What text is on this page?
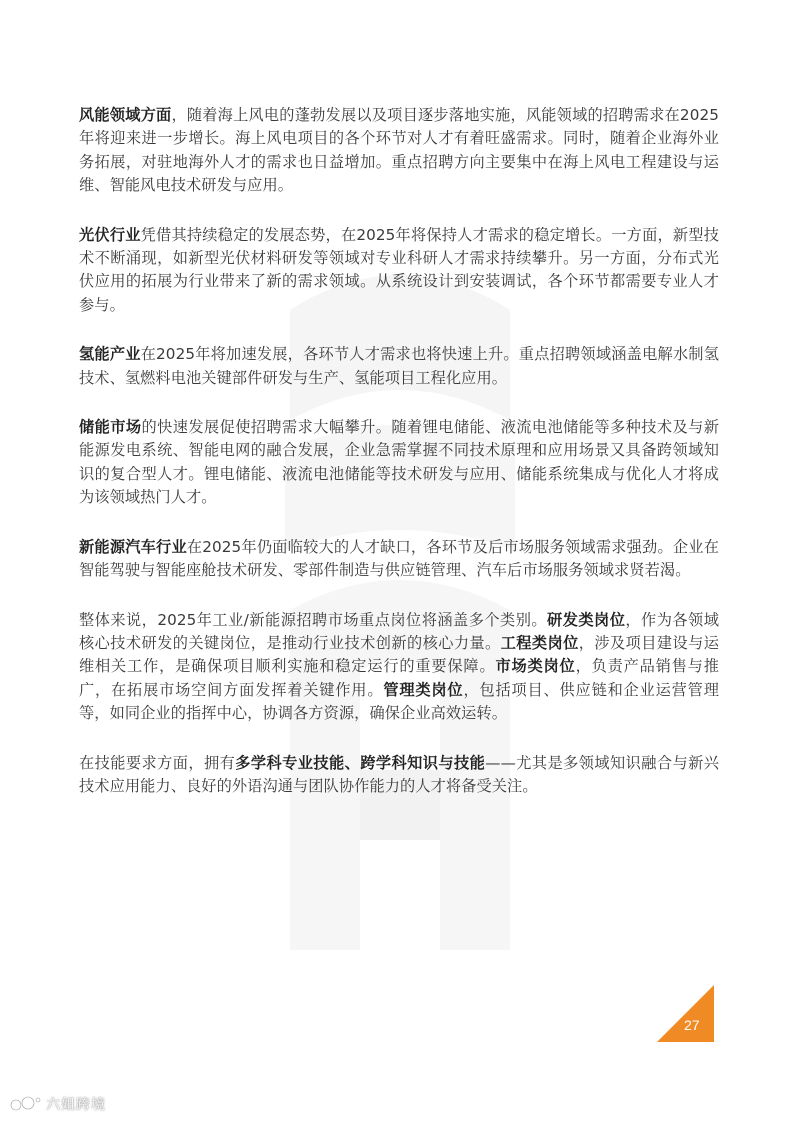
风能领域方面，随着海上风电的蓬勃发展以及项目逐步落地实施，风能领域的招聘需求在2025年将迎来进一步增长。海上风电项目的各个环节对人才有着旺盛需求。同时，随着企业海外业务拓展，对驻地海外人才的需求也日益增加。重点招聘方向主要集中在海上风电工程建设与运维、智能风电技术研发与应用。

光伏行业凭借其持续稳定的发展态势，在2025年将保持人才需求的稳定增长。一方面，新型技术不断涌现，如新型光伏材料研发等领域对专业科研人才需求持续攀升。另一方面，分布式光伏应用的拓展为行业带来了新的需求领域。从系统设计到安装调试，各个环节都需要专业人才参与。

氢能产业在2025年将加速发展，各环节人才需求也将快速上升。重点招聘领域涵盖电解水制氢技术、氢燃料电池关键部件研发与生产、氢能项目工程化应用。

储能市场的快速发展促使招聘需求大幅攀升。随着锂电储能、液流电池储能等多种技术及与新能源发电系统、智能电网的融合发展，企业急需掌握不同技术原理和应用场景又具备跨领域知识的复合型人才。锂电储能、液流电池储能等技术研发与应用、储能系统集成与优化人才将成为该领域热门人才。

新能源汽车行业在2025年仍面临较大的人才缺口，各环节及后市场服务领域需求强劲。企业在智能驾驶与智能座舱技术研发、零部件制造与供应链管理、汽车后市场服务领域求贤若渴。

整体来说，2025年工业/新能源招聘市场重点岗位将涵盖多个类别。研发类岗位，作为各领域核心技术研发的关键岗位，是推动行业技术创新的核心力量。工程类岗位，涉及项目建设与运维相关工作，是确保项目顺利实施和稳定运行的重要保障。市场类岗位，负责产品销售与推广，在拓展市场空间方面发挥着关键作用。管理类岗位，包括项目、供应链和企业运营管理等，如同企业的指挥中心，协调各方资源，确保企业高效运转。

在技能要求方面，拥有多学科专业技能、跨学科知识与技能——尤其是多领域知识融合与新兴技术应用能力、良好的外语沟通与团队协作能力的人才将备受关注。

27
六姐跨境
